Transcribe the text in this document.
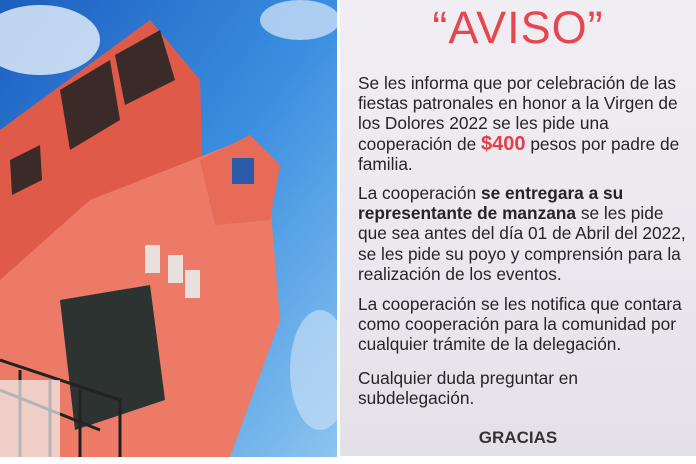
“AVISO”
Se les informa que por celebración de las fiestas patronales en honor a la Virgen de los Dolores 2022 se les pide una cooperación de $400 pesos por padre de familia.
La cooperación se entregara a su representante de manzana se les pide que sea antes del día 01 de Abril del 2022, se les pide su poyo y comprensión para la realización de los eventos.
La cooperación se les notifica que contara como cooperación para la comunidad por cualquier trámite de la delegación.
Cualquier duda preguntar en subdelegación.
GRACIAS
